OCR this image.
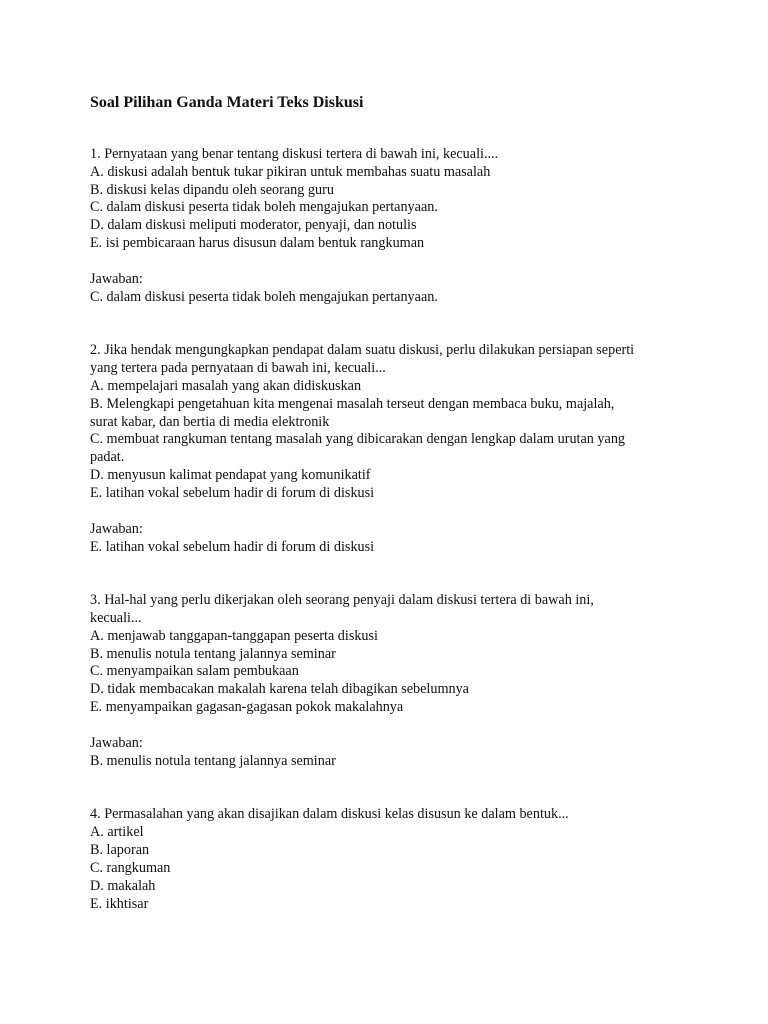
Soal Pilihan Ganda Materi Teks Diskusi

1. Pernyataan yang benar tentang diskusi tertera di bawah ini, kecuali....

A. diskusi adalah bentuk tukar pikiran untuk membahas suatu masalah

B. diskusi kelas dipandu oleh seorang guru

C. dalam diskusi peserta tidak boleh mengajukan pertanyaan.

D. dalam diskusi meliputi moderator, penyaji, dan notulis

E. isi pembicaraan harus disusun dalam bentuk rangkuman

Jawaban:

C. dalam diskusi peserta tidak boleh mengajukan pertanyaan.

2. Jika hendak mengungkapkan pendapat dalam suatu diskusi, perlu dilakukan persiapan seperti

yang tertera pada pernyataan di bawah ini, kecuali...

A. mempelajari masalah yang akan didiskuskan

B. Melengkapi pengetahuan kita mengenai masalah terseut dengan membaca buku, majalah,

surat kabar, dan bertia di media elektronik

C. membuat rangkuman tentang masalah yang dibicarakan dengan lengkap dalam urutan yang

padat.

D. menyusun kalimat pendapat yang komunikatif

E. latihan vokal sebelum hadir di forum di diskusi

Jawaban:

E. latihan vokal sebelum hadir di forum di diskusi

3. Hal-hal yang perlu dikerjakan oleh seorang penyaji dalam diskusi tertera di bawah ini,

kecuali...

A. menjawab tanggapan-tanggapan peserta diskusi

B. menulis notula tentang jalannya seminar

C. menyampaikan salam pembukaan

D. tidak membacakan makalah karena telah dibagikan sebelumnya

E. menyampaikan gagasan-gagasan pokok makalahnya

Jawaban:

B. menulis notula tentang jalannya seminar

4. Permasalahan yang akan disajikan dalam diskusi kelas disusun ke dalam bentuk...

A. artikel

B. laporan

C. rangkuman

D. makalah

E. ikhtisar
